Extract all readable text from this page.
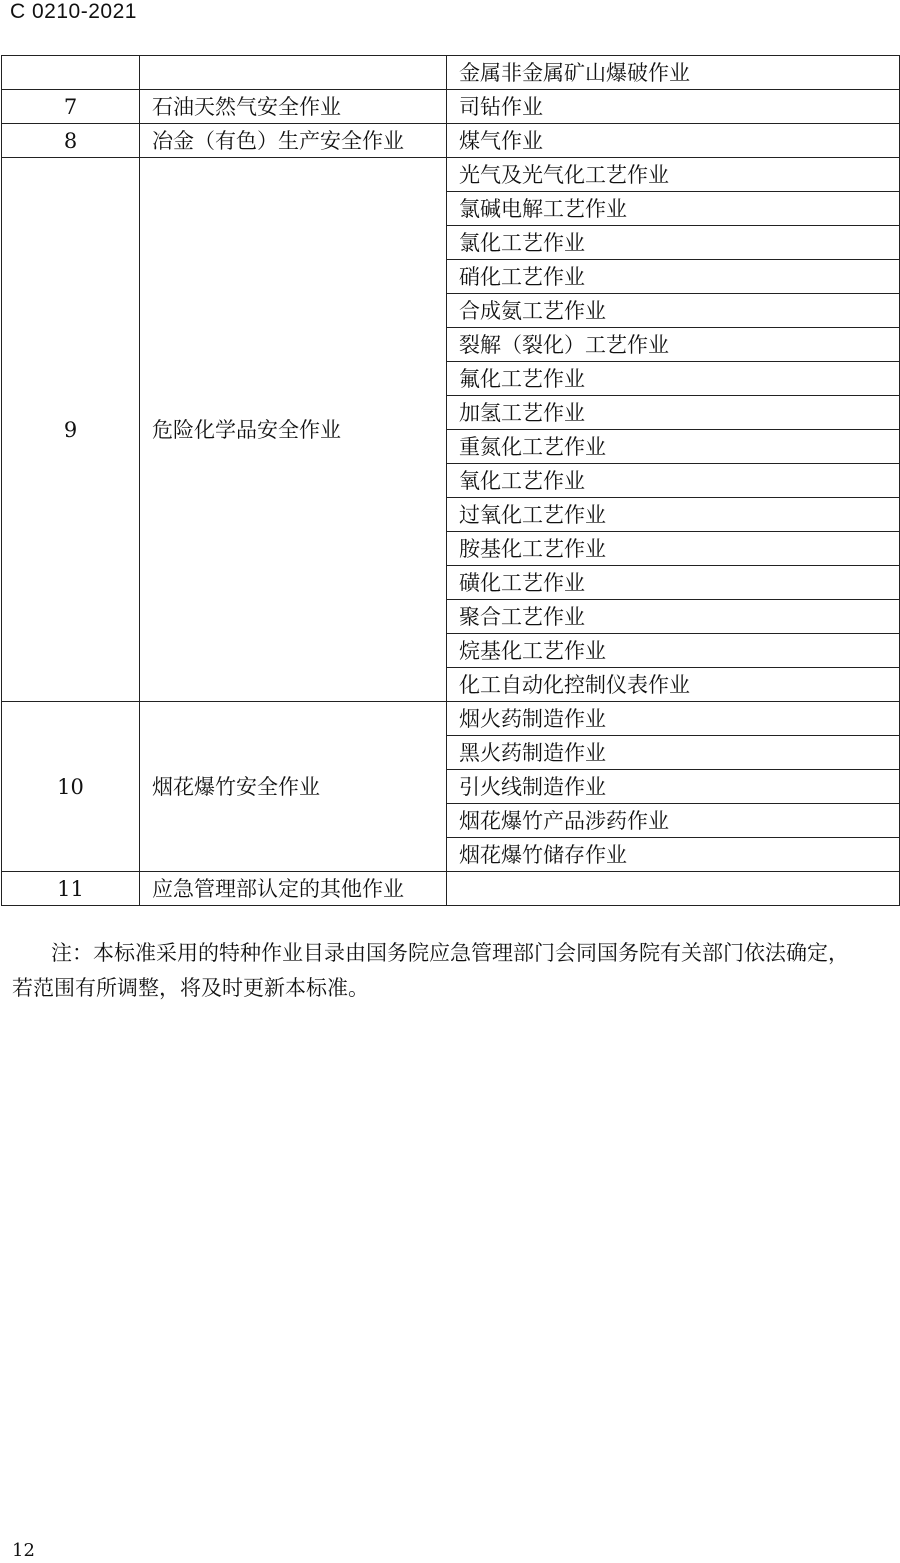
C 0210-2021
		金属非金属矿山爆破作业
7	石油天然气安全作业	司钻作业
8	冶金（有色）生产安全作业	煤气作业
9	危险化学品安全作业	光气及光气化工艺作业
		氯碱电解工艺作业
		氯化工艺作业
		硝化工艺作业
		合成氨工艺作业
		裂解（裂化）工艺作业
		氟化工艺作业
		加氢工艺作业
		重氮化工艺作业
		氧化工艺作业
		过氧化工艺作业
		胺基化工艺作业
		磺化工艺作业
		聚合工艺作业
		烷基化工艺作业
		化工自动化控制仪表作业
10	烟花爆竹安全作业	烟火药制造作业
		黑火药制造作业
		引火线制造作业
		烟花爆竹产品涉药作业
		烟花爆竹储存作业
11	应急管理部认定的其他作业	

注：本标准采用的特种作业目录由国务院应急管理部门会同国务院有关部门依法确定，

若范围有所调整，将及时更新本标准。

12
